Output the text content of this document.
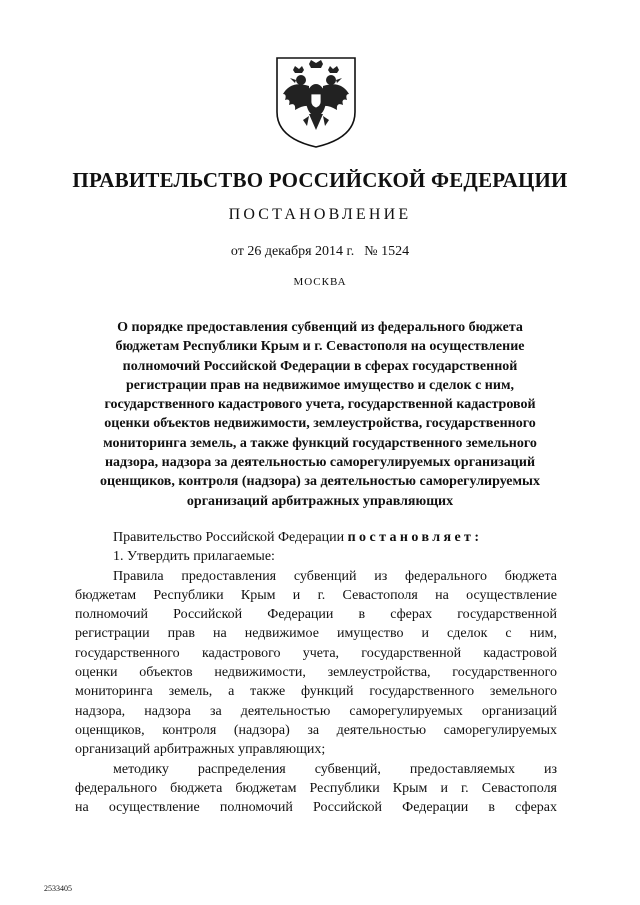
ПРАВИТЕЛЬСТВО РОССИЙСКОЙ ФЕДЕРАЦИИ
ПОСТАНОВЛЕНИЕ
от 26 декабря 2014 г. № 1524
МОСКВА
О порядке предоставления субвенций из федерального бюджета
бюджетам Республики Крым и г. Севастополя на осуществление
полномочий Российской Федерации в сферах государственной
регистрации прав на недвижимое имущество и сделок с ним,
государственного кадастрового учета, государственной кадастровой
оценки объектов недвижимости, землеустройства, государственного
мониторинга земель, а также функций государственного земельного
надзора, надзора за деятельностью саморегулируемых организаций
оценщиков, контроля (надзора) за деятельностью саморегулируемых
организаций арбитражных управляющих
Правительство Российской Федерации постановляет:
1. Утвердить прилагаемые:
Правила предоставления субвенций из федерального бюджета
бюджетам Республики Крым и г. Севастополя на осуществление
полномочий Российской Федерации в сферах государственной
регистрации прав на недвижимое имущество и сделок с ним,
государственного кадастрового учета, государственной кадастровой
оценки объектов недвижимости, землеустройства, государственного
мониторинга земель, а также функций государственного земельного
надзора, надзора за деятельностью саморегулируемых организаций
оценщиков, контроля (надзора) за деятельностью саморегулируемых
организаций арбитражных управляющих;
методику распределения субвенций, предоставляемых из
федерального бюджета бюджетам Республики Крым и г. Севастополя
на осуществление полномочий Российской Федерации в сферах
2533405
